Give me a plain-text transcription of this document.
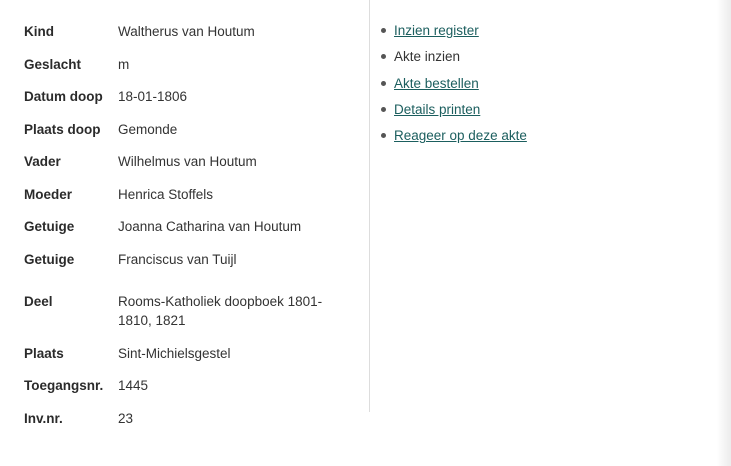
Kind	Waltherus van Houtum
Geslacht	m
Datum doop	18-01-1806
Plaats doop	Gemonde
Vader	Wilhelmus van Houtum
Moeder	Henrica Stoffels
Getuige	Joanna Catharina van Houtum
Getuige	Franciscus van Tuijl
Deel	Rooms-Katholiek doopboek 1801-1810, 1821
Plaats	Sint-Michielsgestel
Toegangsnr.	1445
Inv.nr.	23
Inzien register
Akte inzien
Akte bestellen
Details printen
Reageer op deze akte
